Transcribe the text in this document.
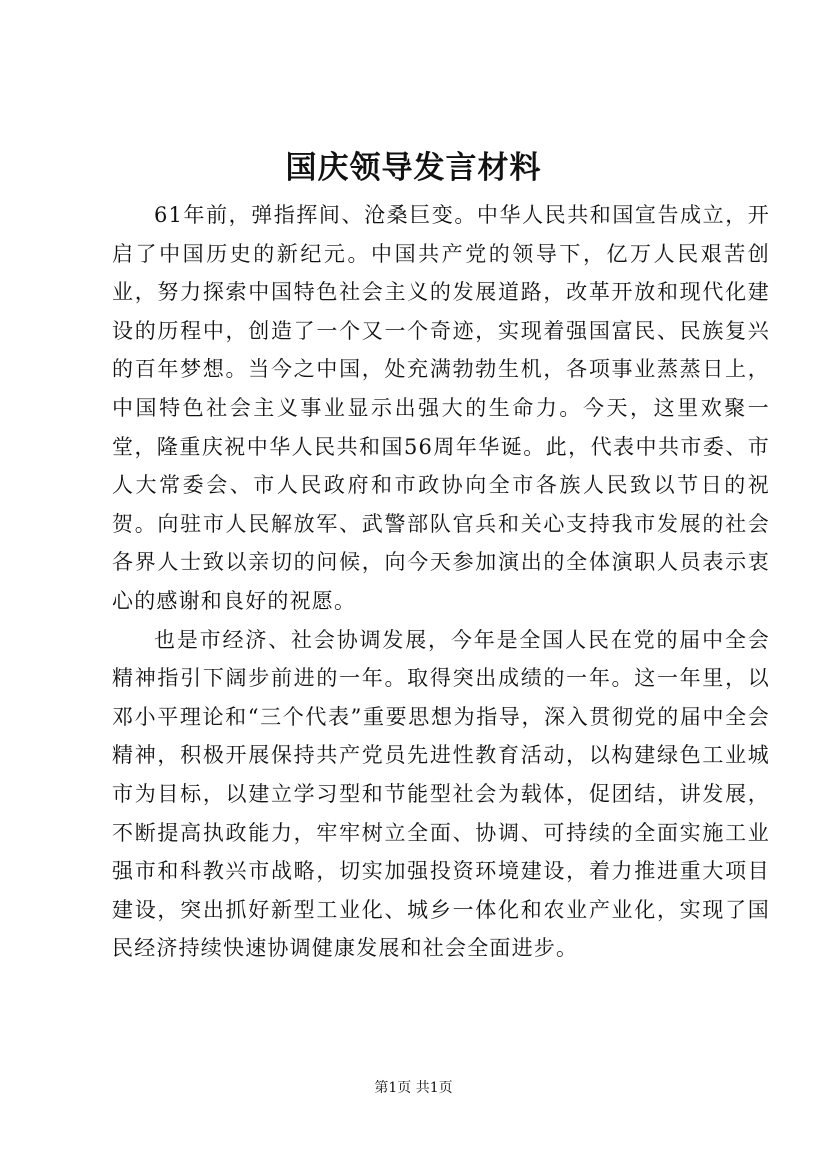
国庆领导发言材料

61年前，弹指挥间、沧桑巨变。中华人民共和国宣告成立，开启了中国历史的新纪元。中国共产党的领导下，亿万人民艰苦创业，努力探索中国特色社会主义的发展道路，改革开放和现代化建设的历程中，创造了一个又一个奇迹，实现着强国富民、民族复兴的百年梦想。当今之中国，处充满勃勃生机，各项事业蒸蒸日上，中国特色社会主义事业显示出强大的生命力。今天，这里欢聚一堂，隆重庆祝中华人民共和国56周年华诞。此，代表中共市委、市人大常委会、市人民政府和市政协向全市各族人民致以节日的祝贺。向驻市人民解放军、武警部队官兵和关心支持我市发展的社会各界人士致以亲切的问候，向今天参加演出的全体演职人员表示衷心的感谢和良好的祝愿。

也是市经济、社会协调发展，今年是全国人民在党的届中全会精神指引下阔步前进的一年。取得突出成绩的一年。这一年里，以邓小平理论和“三个代表”重要思想为指导，深入贯彻党的届中全会精神，积极开展保持共产党员先进性教育活动，以构建绿色工业城市为目标，以建立学习型和节能型社会为载体，促团结，讲发展，不断提高执政能力，牢牢树立全面、协调、可持续的全面实施工业强市和科教兴市战略，切实加强投资环境建设，着力推进重大项目建设，突出抓好新型工业化、城乡一体化和农业产业化，实现了国民经济持续快速协调健康发展和社会全面进步。

第1页 共1页
